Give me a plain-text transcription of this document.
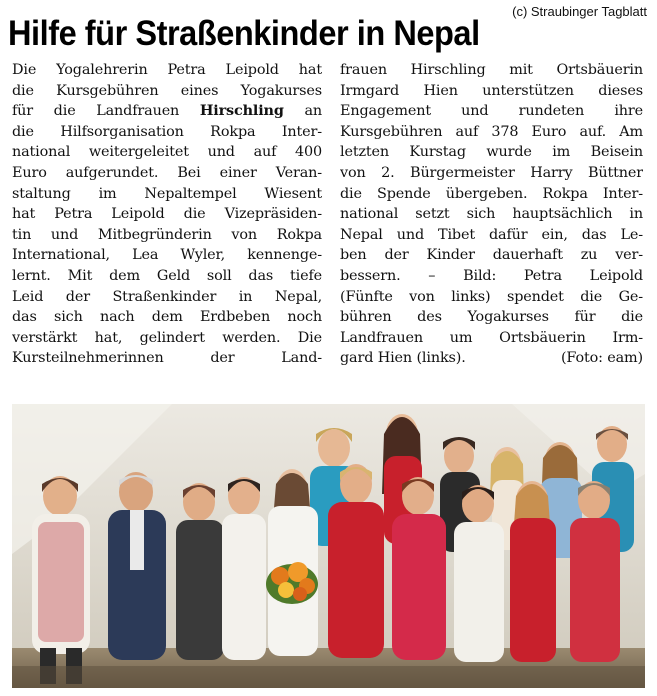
(c) Straubinger Tagblatt
Hilfe für Straßenkinder in Nepal
Die Yogalehrerin Petra Leipold hat
die Kursgebühren eines Yogakurses
für die Landfrauen Hirschling an
die Hilfsorganisation Rokpa Inter-
national weitergeleitet und auf 400
Euro aufgerundet. Bei einer Veran-
staltung im Nepaltempel Wiesent
hat Petra Leipold die Vizepräsiden-
tin und Mitbegründerin von Rokpa
International, Lea Wyler, kennenge-
lernt. Mit dem Geld soll das tiefe
Leid der Straßenkinder in Nepal,
das sich nach dem Erdbeben noch
verstärkt hat, gelindert werden. Die
Kursteilnehmerinnen der Land-
frauen Hirschling mit Ortsbäuerin
Irmgard Hien unterstützen dieses
Engagement und rundeten ihre
Kursgebühren auf 378 Euro auf. Am
letzten Kurstag wurde im Beisein
von 2. Bürgermeister Harry Büttner
die Spende übergeben. Rokpa Inter-
national setzt sich hauptsächlich in
Nepal und Tibet dafür ein, das Le-
ben der Kinder dauerhaft zu ver-
bessern. – Bild: Petra Leipold
(Fünfte von links) spendet die Ge-
bühren des Yogakurses für die
Landfrauen um Ortsbäuerin Irm-
gard Hien (links).	(Foto: eam)
